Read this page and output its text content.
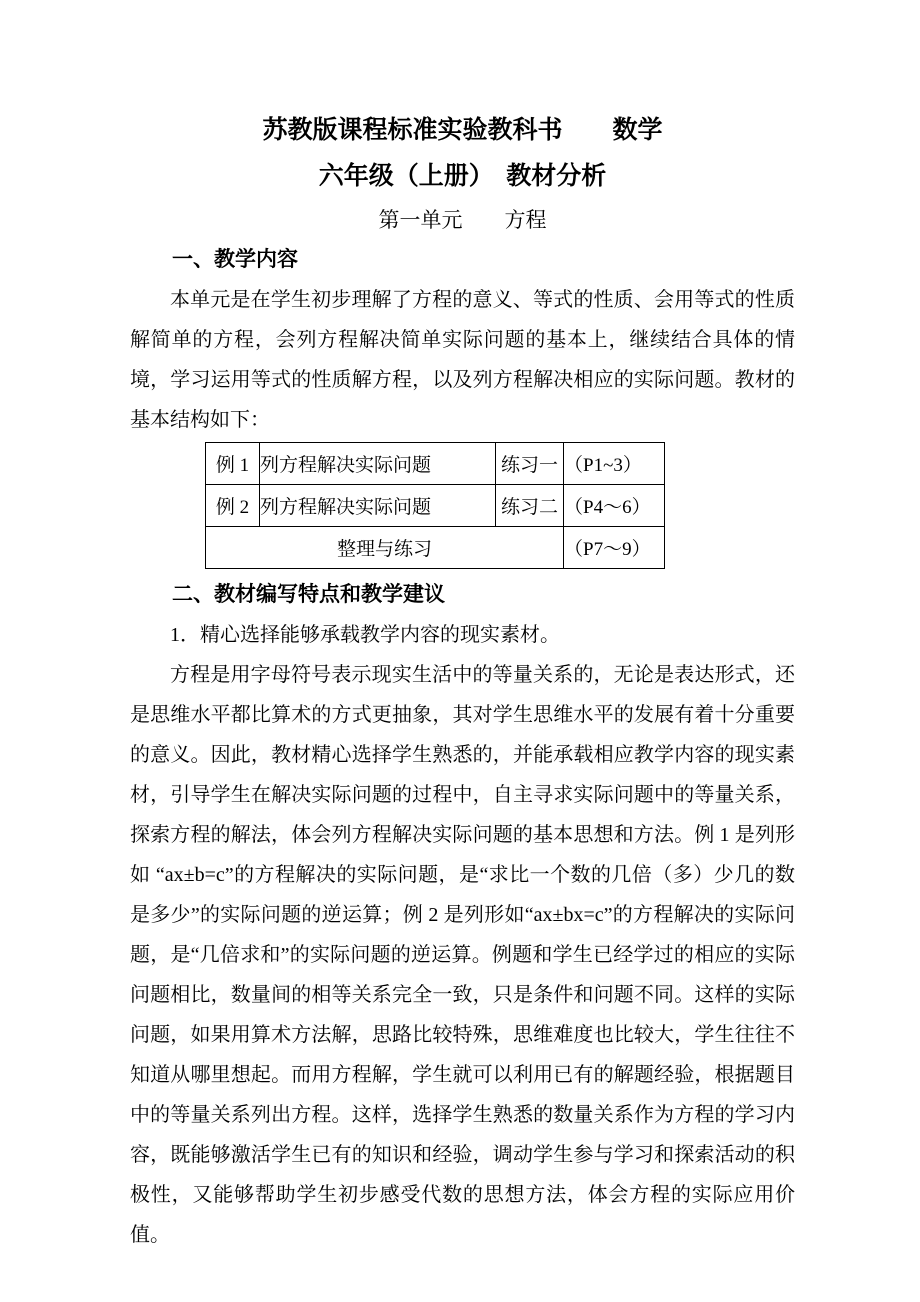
苏教版课程标准实验教科书　　数学
六年级（上册）　教材分析
第一单元　　方程
一、教学内容

本单元是在学生初步理解了方程的意义、等式的性质、会用等式的性质解简单的方程，会列方程解决简单实际问题的基本上，继续结合具体的情境，学习运用等式的性质解方程，以及列方程解决相应的实际问题。教材的基本结构如下：

例 1	列方程解决实际问题	练习一	（P1~3）
例 2	列方程解决实际问题	练习二	（P4～6）
整理与练习			（P7～9）
二、教材编写特点和教学建议
1．精心选择能够承载教学内容的现实素材。

方程是用字母符号表示现实生活中的等量关系的，无论是表达形式，还是思维水平都比算术的方式更抽象，其对学生思维水平的发展有着十分重要的意义。因此，教材精心选择学生熟悉的，并能承载相应教学内容的现实素材，引导学生在解决实际问题的过程中，自主寻求实际问题中的等量关系，探索方程的解法，体会列方程解决实际问题的基本思想和方法。例 1 是列形如 “ax±b=c”的方程解决的实际问题，是“求比一个数的几倍（多）少几的数是多少”的实际问题的逆运算；例 2 是列形如“ax±bx=c”的方程解决的实际问题，是“几倍求和”的实际问题的逆运算。例题和学生已经学过的相应的实际问题相比，数量间的相等关系完全一致，只是条件和问题不同。这样的实际问题，如果用算术方法解，思路比较特殊，思维难度也比较大，学生往往不知道从哪里想起。而用方程解，学生就可以利用已有的解题经验，根据题目中的等量关系列出方程。这样，选择学生熟悉的数量关系作为方程的学习内容，既能够激活学生已有的知识和经验，调动学生参与学习和探索活动的积极性，又能够帮助学生初步感受代数的思想方法，体会方程的实际应用价值。
